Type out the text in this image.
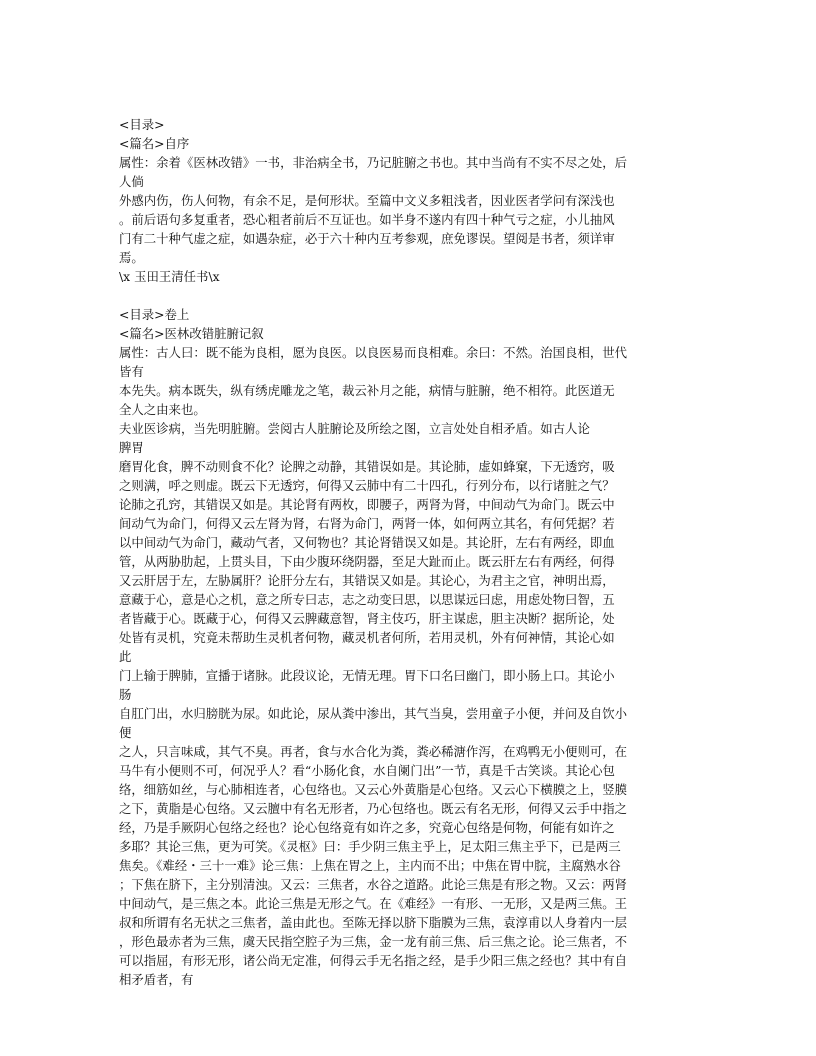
<目录>
<篇名>自序
属性：余着《医林改错》一书，非治病全书，乃记脏腑之书也。其中当尚有不实不尽之处，后
人倘
外感内伤，伤人何物，有余不足，是何形状。至篇中文义多粗浅者，因业医者学问有深浅也
。前后语句多复重者，恐心粗者前后不互证也。如半身不遂内有四十种气亏之症，小儿抽风
门有二十种气虚之症，如遇杂症，必于六十种内互考参观，庶免谬误。望阅是书者，须详审
焉。
\x 玉田王清任书\x
<目录>卷上
<篇名>医林改错脏腑记叙
属性：古人曰：既不能为良相，愿为良医。以良医易而良相难。余曰：不然。治国良相，世代
皆有
本先失。病本既失，纵有绣虎雕龙之笔，裁云补月之能，病情与脏腑，绝不相符。此医道无
全人之由来也。
夫业医诊病，当先明脏腑。尝阅古人脏腑论及所绘之图，立言处处自相矛盾。如古人论
脾胃
磨胃化食，脾不动则食不化？论脾之动静，其错误如是。其论肺，虚如蜂窠，下无透窍，吸
之则满，呼之则虚。既云下无透窍，何得又云肺中有二十四孔，行列分布，以行诸脏之气？
论肺之孔窍，其错误又如是。其论肾有两枚，即腰子，两肾为肾，中间动气为命门。既云中
间动气为命门，何得又云左肾为肾，右肾为命门，两肾一体，如何两立其名，有何凭据？若
以中间动气为命门，藏动气者，又何物也？其论肾错误又如是。其论肝，左右有两经，即血
管，从两胁肋起，上贯头目，下由少腹环绕阴器，至足大趾而止。既云肝左右有两经，何得
又云肝居于左，左胁属肝？论肝分左右，其错误又如是。其论心，为君主之官，神明出焉，
意藏于心，意是心之机，意之所专曰志，志之动变曰思，以思谋远曰虑，用虑处物曰智，五
者皆藏于心。既藏于心，何得又云脾藏意智，肾主伎巧，肝主谋虑，胆主决断？据所论，处
处皆有灵机，究竟未帮助生灵机者何物，藏灵机者何所，若用灵机，外有何神情，其论心如
此
门上输于脾肺，宣播于诸脉。此段议论，无情无理。胃下口名曰幽门，即小肠上口。其论小
肠
自肛门出，水归膀胱为尿。如此论，尿从粪中渗出，其气当臭，尝用童子小便，并问及自饮小
便
之人，只言味咸，其气不臭。再者，食与水合化为粪，粪必稀溏作泻，在鸡鸭无小便则可，在
马牛有小便则不可，何况乎人？看“小肠化食，水自阑门出”一节，真是千古笑谈。其论心包
络，细筋如丝，与心肺相连者，心包络也。又云心外黄脂是心包络。又云心下横膜之上，竖膜
之下，黄脂是心包络。又云膻中有名无形者，乃心包络也。既云有名无形，何得又云手中指之
经，乃是手厥阴心包络之经也？论心包络竟有如许之多，究竟心包络是何物，何能有如许之
多耶？其论三焦，更为可笑。《灵枢》曰：手少阴三焦主乎上，足太阳三焦主乎下，已是两三
焦矣。《难经・三十一难》论三焦：上焦在胃之上，主内而不出；中焦在胃中脘，主腐熟水谷
；下焦在脐下，主分别清浊。又云：三焦者，水谷之道路。此论三焦是有形之物。又云：两肾
中间动气，是三焦之本。此论三焦是无形之气。在《难经》一有形、一无形，又是两三焦。王
叔和所谓有名无状之三焦者，盖由此也。至陈无择以脐下脂膜为三焦，袁淳甫以人身着内一层
，形色最赤者为三焦，虞天民指空腔子为三焦，金一龙有前三焦、后三焦之论。论三焦者，不
可以指屈，有形无形，诸公尚无定准，何得云手无名指之经，是手少阳三焦之经也？其中有自
相矛盾者，有
